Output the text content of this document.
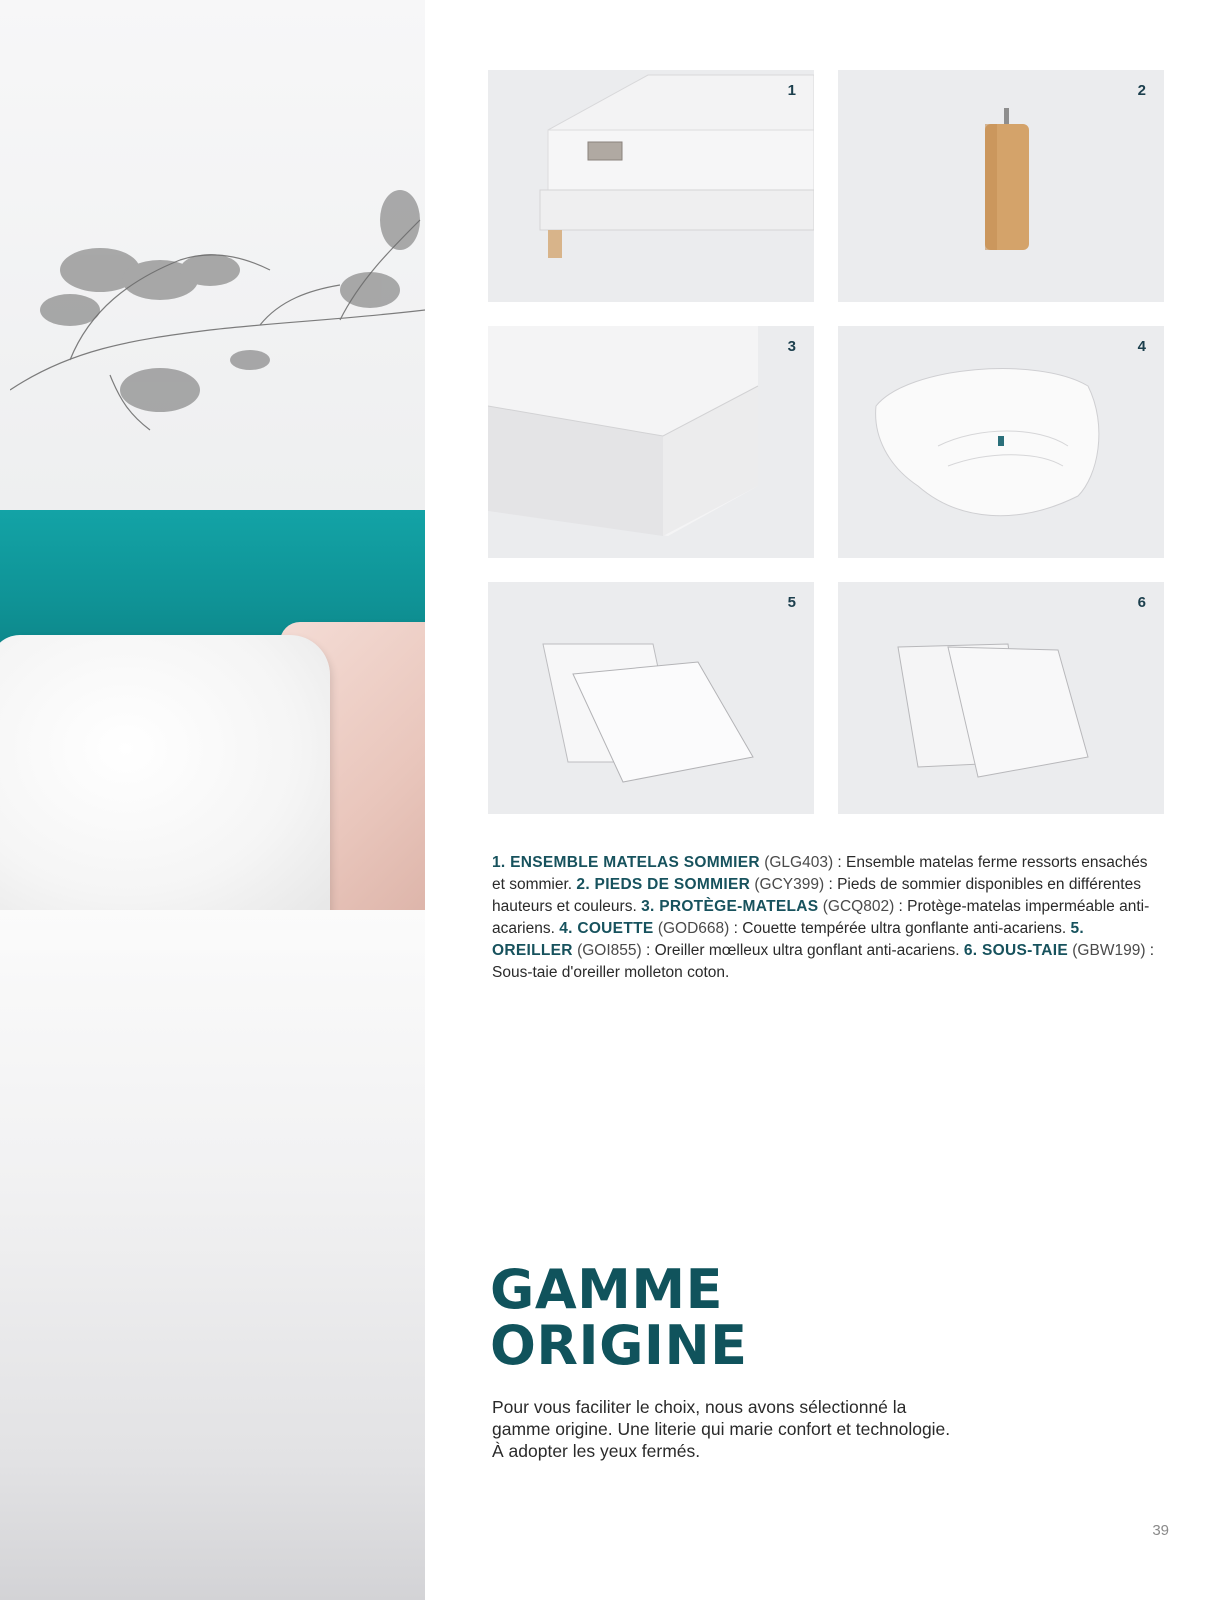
1	2
3	4
5	6
1. ENSEMBLE MATELAS SOMMIER (GLG403) : Ensemble matelas ferme ressorts ensachés et sommier. 2. PIEDS DE SOMMIER (GCY399) : Pieds de sommier disponibles en différentes hauteurs et couleurs. 3. PROTÈGE-MATELAS (GCQ802) : Protège-matelas imperméable anti-acariens. 4. COUETTE (GOD668) : Couette tempérée ultra gonflante anti-acariens. 5. OREILLER (GOI855) : Oreiller mœlleux ultra gonflant anti-acariens. 6. SOUS-TAIE (GBW199) : Sous-taie d'oreiller molleton coton.
GAMME
ORIGINE
Pour vous faciliter le choix, nous avons sélectionné la gamme origine. Une literie qui marie confort et technologie. À adopter les yeux fermés.
39
